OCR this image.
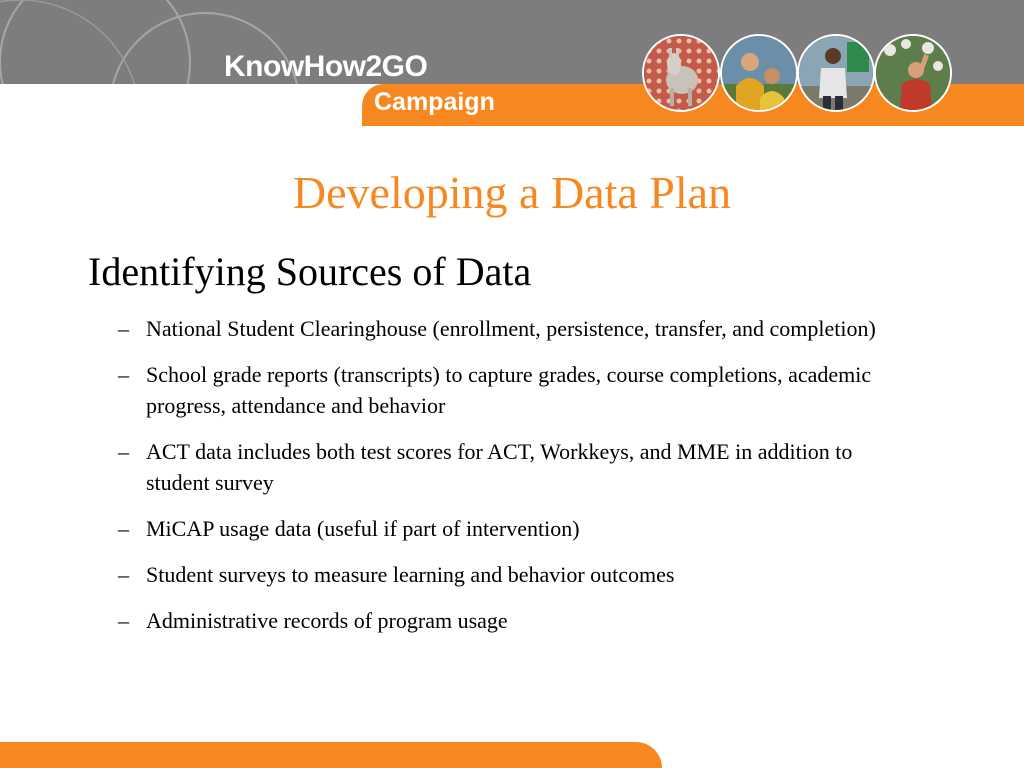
KnowHow2GO
Campaign
Developing a Data Plan
Identifying Sources of Data
– National Student Clearinghouse (enrollment, persistence, transfer, and completion)
– School grade reports (transcripts) to capture grades, course completions, academic progress, attendance and behavior
– ACT data includes both test scores for ACT, Workkeys, and MME in addition to student survey
– MiCAP usage data (useful if part of intervention)
– Student surveys to measure learning and behavior outcomes
– Administrative records of program usage
